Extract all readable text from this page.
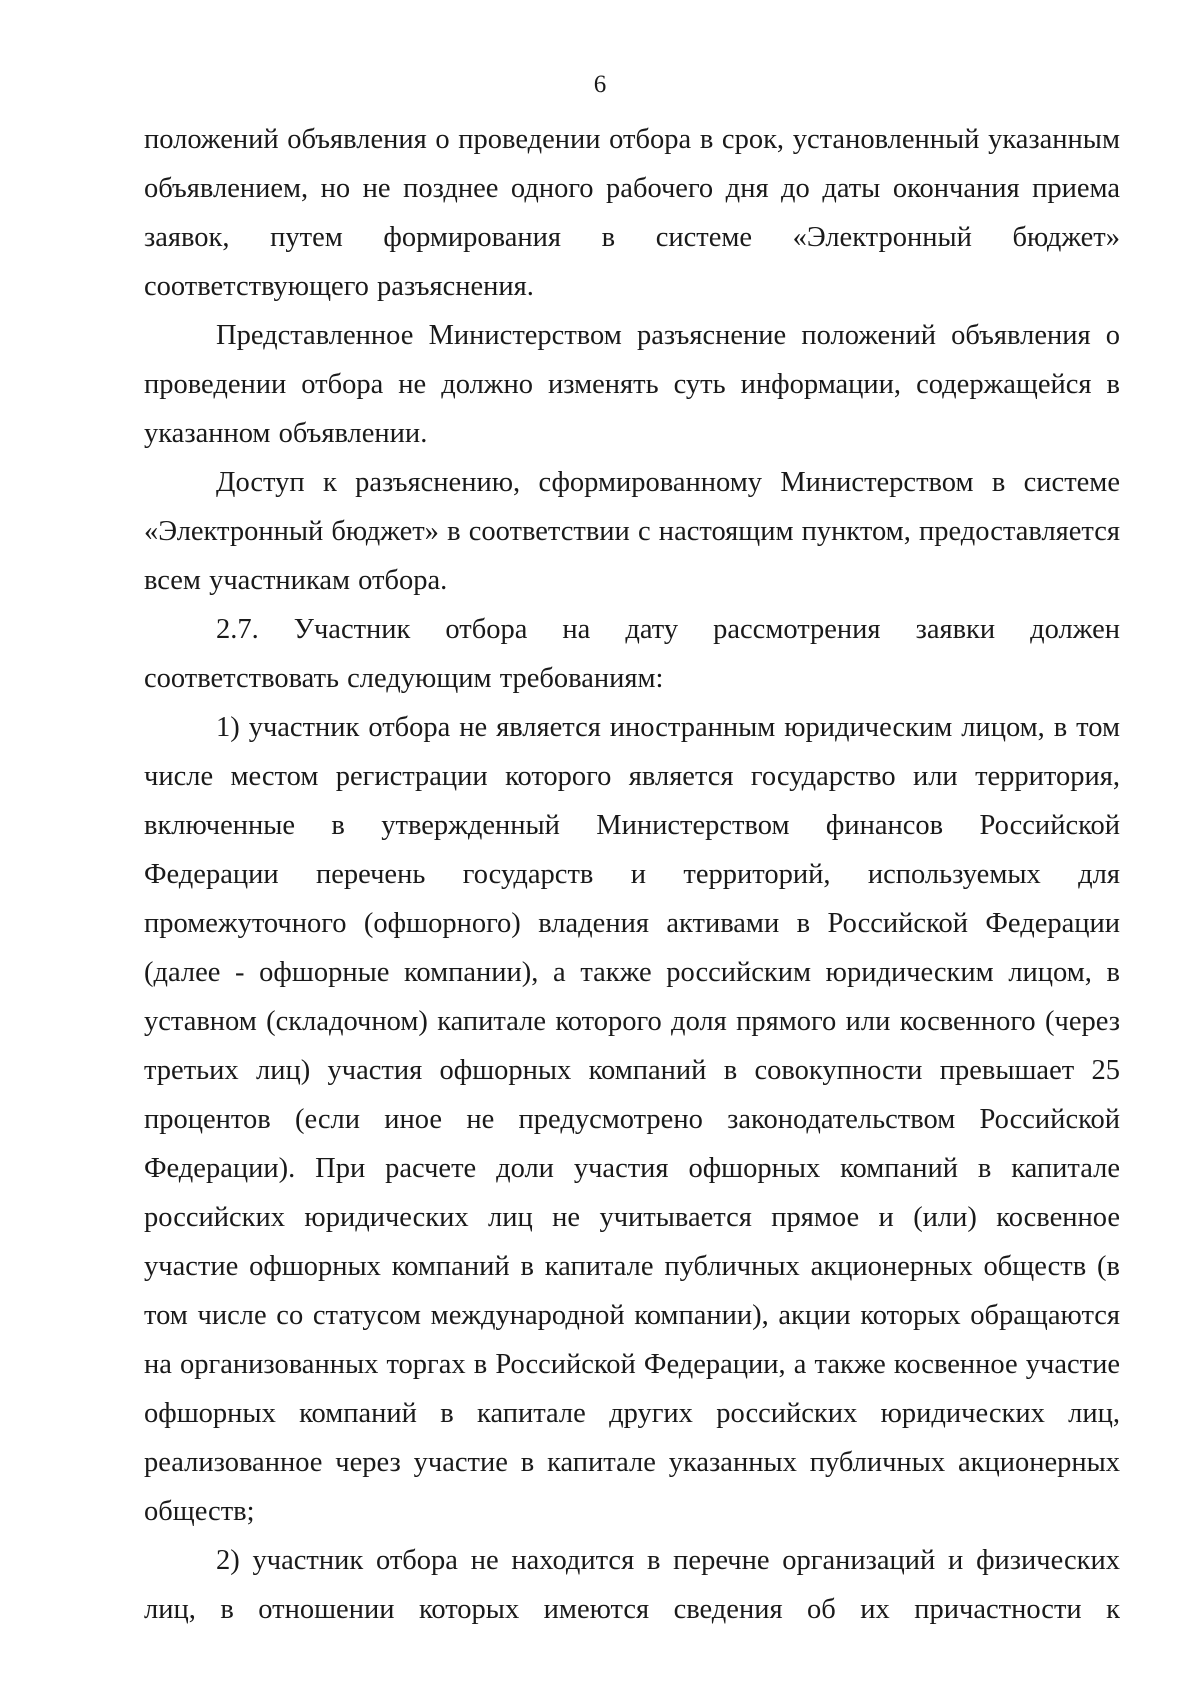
6

положений объявления о проведении отбора в срок, установленный указанным объявлением, но не позднее одного рабочего дня до даты окончания приема заявок, путем формирования в системе «Электронный бюджет» соответствующего разъяснения.

Представленное Министерством разъяснение положений объявления о проведении отбора не должно изменять суть информации, содержащейся в указанном объявлении.

Доступ к разъяснению, сформированному Министерством в системе «Электронный бюджет» в соответствии с настоящим пунктом, предоставляется всем участникам отбора.

2.7. Участник отбора на дату рассмотрения заявки должен соответствовать следующим требованиям:

1) участник отбора не является иностранным юридическим лицом, в том числе местом регистрации которого является государство или территория, включенные в утвержденный Министерством финансов Российской Федерации перечень государств и территорий, используемых для промежуточного (офшорного) владения активами в Российской Федерации (далее - офшорные компании), а также российским юридическим лицом, в уставном (складочном) капитале которого доля прямого или косвенного (через третьих лиц) участия офшорных компаний в совокупности превышает 25 процентов (если иное не предусмотрено законодательством Российской Федерации). При расчете доли участия офшорных компаний в капитале российских юридических лиц не учитывается прямое и (или) косвенное участие офшорных компаний в капитале публичных акционерных обществ (в том числе со статусом международной компании), акции которых обращаются на организованных торгах в Российской Федерации, а также косвенное участие офшорных компаний в капитале других российских юридических лиц, реализованное через участие в капитале указанных публичных акционерных обществ;

2) участник отбора не находится в перечне организаций и физических лиц, в отношении которых имеются сведения об их причастности к
